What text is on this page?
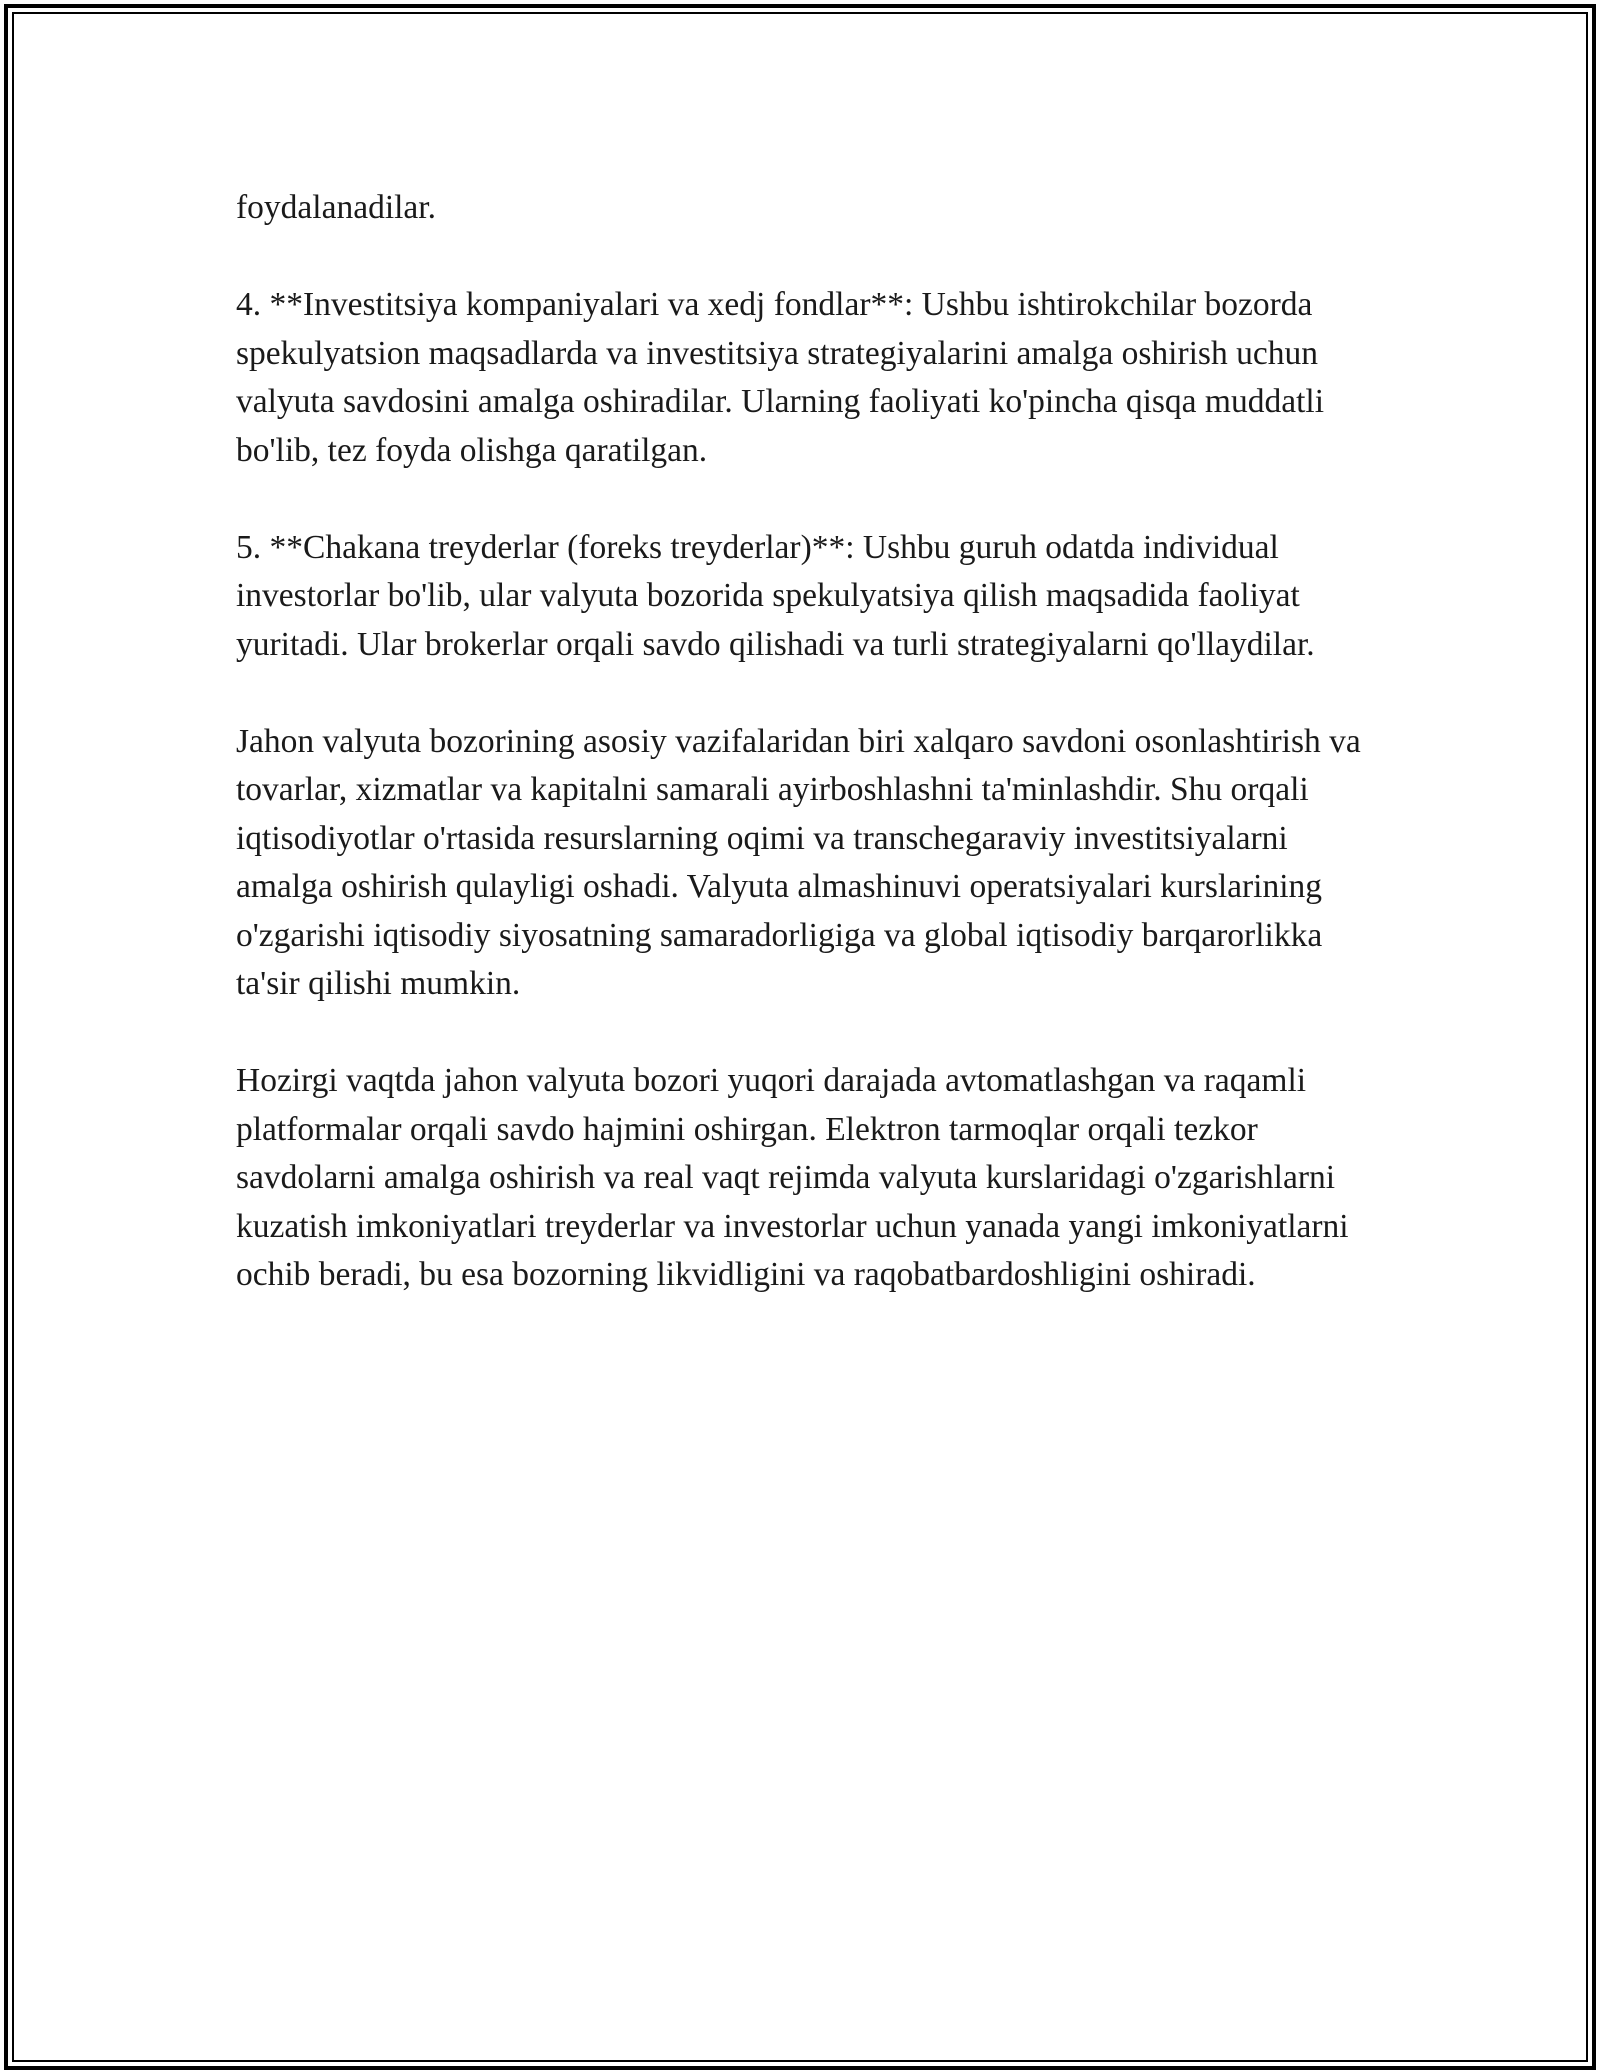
foydalanadilar.

4. **Investitsiya kompaniyalari va xedj fondlar**: Ushbu ishtirokchilar bozorda spekulyatsion maqsadlarda va investitsiya strategiyalarini amalga oshirish uchun valyuta savdosini amalga oshiradilar. Ularning faoliyati ko'pincha qisqa muddatli bo'lib, tez foyda olishga qaratilgan.

5. **Chakana treyderlar (foreks treyderlar)**: Ushbu guruh odatda individual investorlar bo'lib, ular valyuta bozorida spekulyatsiya qilish maqsadida faoliyat yuritadi. Ular brokerlar orqali savdo qilishadi va turli strategiyalarni qo'llaydilar.

Jahon valyuta bozorining asosiy vazifalaridan biri xalqaro savdoni osonlashtirish va tovarlar, xizmatlar va kapitalni samarali ayirboshlashni ta'minlashdir. Shu orqali iqtisodiyotlar o'rtasida resurslarning oqimi va transchegaraviy investitsiyalarni amalga oshirish qulayligi oshadi. Valyuta almashinuvi operatsiyalari kurslarining o'zgarishi iqtisodiy siyosatning samaradorligiga va global iqtisodiy barqarorlikka ta'sir qilishi mumkin.

Hozirgi vaqtda jahon valyuta bozori yuqori darajada avtomatlashgan va raqamli platformalar orqali savdo hajmini oshirgan. Elektron tarmoqlar orqali tezkor savdolarni amalga oshirish va real vaqt rejimda valyuta kurslaridagi o'zgarishlarni kuzatish imkoniyatlari treyderlar va investorlar uchun yanada yangi imkoniyatlarni ochib beradi, bu esa bozorning likvidligini va raqobatbardoshligini oshiradi.
